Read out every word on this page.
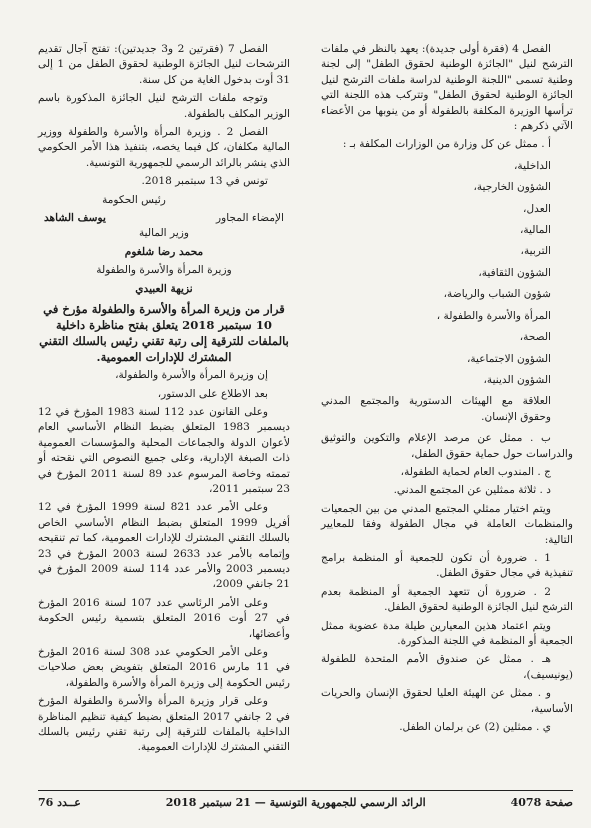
الفصل 4 (فقرة أولى جديدة): يعهد بالنظر في ملفات الترشح لنيل "الجائزة الوطنية لحقوق الطفل" إلى لجنة وطنية تسمى "اللجنة الوطنية لدراسة ملفات الترشح لنيل الجائزة الوطنية لحقوق الطفل" وتتركب هذه اللجنة التي ترأسها الوزيرة المكلفة بالطفولة أو من ينوبها من الأعضاء الآتي ذكرهم :

أ . ممثل عن كل وزارة من الوزارات المكلفة بـ :

الداخلية،

الشؤون الخارجية،

العدل،

المالية،

التربية،

الشؤون الثقافية،

شؤون الشباب والرياضة،

المرأة والأسرة والطفولة ،

الصحة،

الشؤون الاجتماعية،

الشؤون الدينية،

العلاقة مع الهيئات الدستورية والمجتمع المدني وحقوق الإنسان.

ب . ممثل عن مرصد الإعلام والتكوين والتوثيق والدراسات حول حماية حقوق الطفل،

ج . المندوب العام لحماية الطفولة،

د . ثلاثة ممثلين عن المجتمع المدني.

ويتم اختيار ممثلي المجتمع المدني من بين الجمعيات والمنظمات العاملة في مجال الطفولة وفقا للمعايير التالية:

1 . ضرورة أن تكون للجمعية أو المنظمة برامج تنفيذية في مجال حقوق الطفل.

2 . ضرورة أن تتعهد الجمعية أو المنظمة بعدم الترشح لنيل الجائزة الوطنية لحقوق الطفل.

ويتم اعتماد هذين المعيارين طيلة مدة عضوية ممثل الجمعية أو المنظمة في اللجنة المذكورة.

هـ . ممثل عن صندوق الأمم المتحدة للطفولة (يونيسيف)،

و . ممثل عن الهيئة العليا لحقوق الإنسان والحريات الأساسية،

ي . ممثلين (2) عن برلمان الطفل.

الفصل 7 (فقرتين 2 و3 جديدتين): تفتح آجال تقديم الترشحات لنيل الجائزة الوطنية لحقوق الطفل من 1 إلى 31 أوت بدخول الغاية من كل سنة.

وتوجه ملفات الترشح لنيل الجائزة المذكورة باسم الوزير المكلف بالطفولة.

الفصل 2 . وزيرة المرأة والأسرة والطفولة ووزير المالية مكلفان، كل فيما يخصه، بتنفيذ هذا الأمر الحكومي الذي ينشر بالرائد الرسمي للجمهورية التونسية.

تونس في 13 سبتمبر 2018.

رئيس الحكومة

الإمضاء المجاور
يوسف الشاهد

وزير المالية

محمد رضا شلغوم

وزيرة المرأة والأسرة والطفولة

نزيهة العبيدي

قرار من وزيرة المرأة والأسرة والطفولة مؤرخ في 10 سبتمبر 2018 يتعلق بفتح مناظرة داخلية بالملفات للترقية إلى رتبة تقني رئيس بالسلك التقني المشترك للإدارات العمومية.

إن وزيرة المرأة والأسرة والطفولة،

بعد الاطلاع على الدستور،

وعلى القانون عدد 112 لسنة 1983 المؤرخ في 12 ديسمبر 1983 المتعلق بضبط النظام الأساسي العام لأعوان الدولة والجماعات المحلية والمؤسسات العمومية ذات الصبغة الإدارية، وعلى جميع النصوص التي نقحته أو تممته وخاصة المرسوم عدد 89 لسنة 2011 المؤرخ في 23 سبتمبر 2011،

وعلى الأمر عدد 821 لسنة 1999 المؤرخ في 12 أفريل 1999 المتعلق بضبط النظام الأساسي الخاص بالسلك التقني المشترك للإدارات العمومية، كما تم تنقيحه وإتمامه بالأمر عدد 2633 لسنة 2003 المؤرخ في 23 ديسمبر 2003 والأمر عدد 114 لسنة 2009 المؤرخ في 21 جانفي 2009،

وعلى الأمر الرئاسي عدد 107 لسنة 2016 المؤرخ في 27 أوت 2016 المتعلق بتسمية رئيس الحكومة وأعضائها،

وعلى الأمر الحكومي عدد 308 لسنة 2016 المؤرخ في 11 مارس 2016 المتعلق بتفويض بعض صلاحيات رئيس الحكومة إلى وزيرة المرأة والأسرة والطفولة،

وعلى قرار وزيرة المرأة والأسرة والطفولة المؤرخ في 2 جانفي 2017 المتعلق بضبط كيفية تنظيم المناظرة الداخلية بالملفات للترقية إلى رتبة تقني رئيس بالسلك التقني المشترك للإدارات العمومية.

عــدد 76	الرائد الرسمي للجمهورية التونسية — 21 سبتمبر 2018	صفحة 4078
